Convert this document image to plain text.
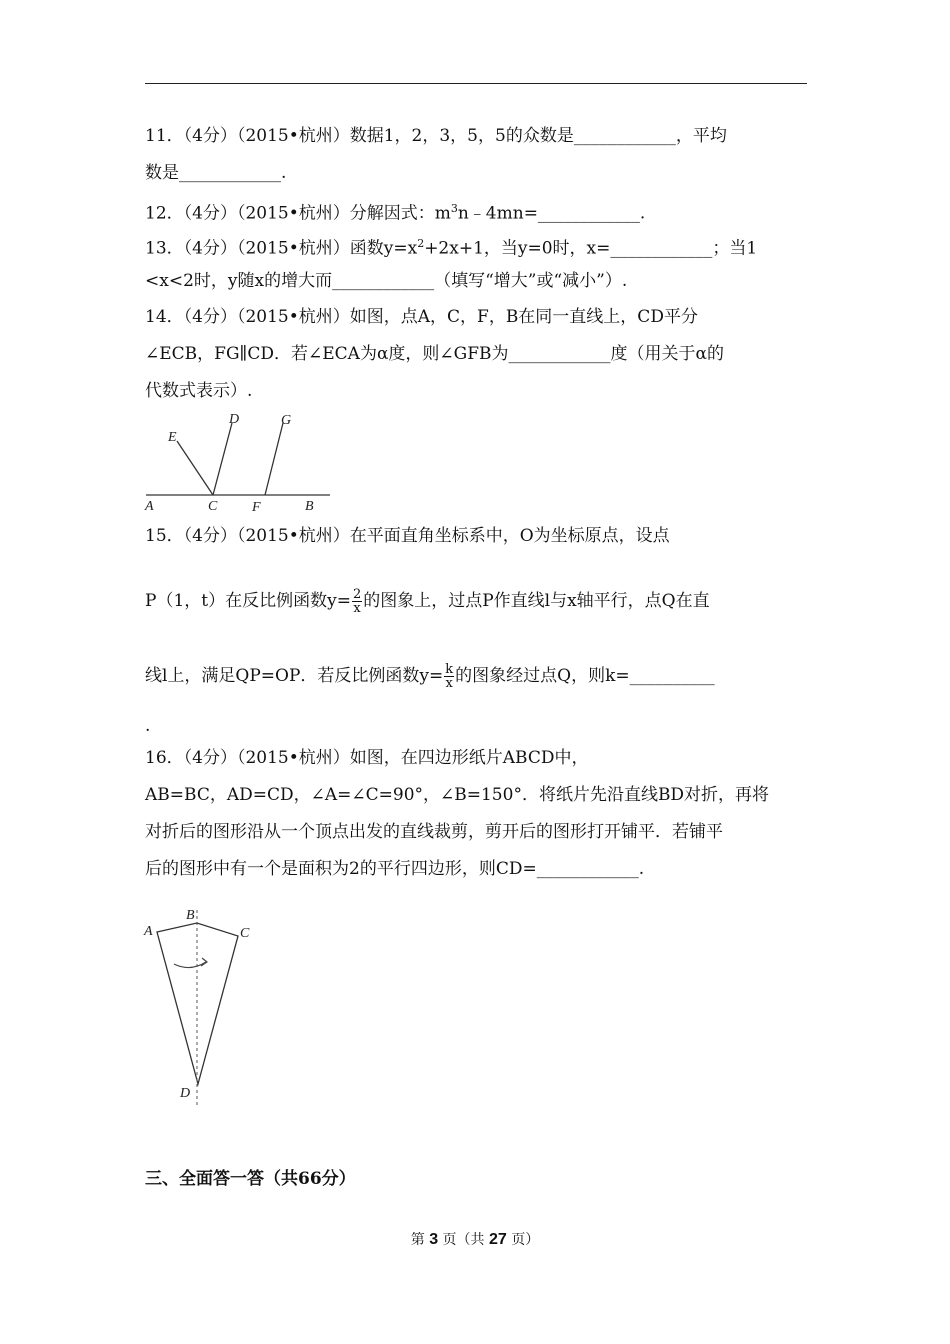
11．（4分）（2015•杭州）数据1，2，3，5，5的众数是____________，平均
数是____________.
12．（4分）（2015•杭州）分解因式：$m^3n﹣4mn=\_\_\_\_\_\_\_\_\_\_\_\_$.
13．（4分）（2015•杭州）函数$y=x^2+2x+1$，当y=0时，x=____________；当1
<x<2时，y随x的增大而____________（填写“增大”或“减小”）.
14．（4分）（2015•杭州）如图，点A，C，F，B在同一直线上，CD平分
∠ECB，FG∥CD．若∠ECA为α度，则∠GFB为____________度（用关于α的
代数式表示）.
E
D	G
A	C F	B
15．（4分）（2015•杭州）在平面直角坐标系中，O为坐标原点，设点
P（1，t）在反比例函数$y= \frac{2}{x}$ 的图象上，过点P作直线l与x轴平行，点Q在直
线l上，满足QP=OP．若反比例函数$y= \frac{k}{x}$ 的图象经过点Q，则k=__________
.
16．（4分）（2015•杭州）如图，在四边形纸片ABCD中，
AB=BC，AD=CD，∠A=∠C=90°，∠B=150°．将纸片先沿直线BD对折，再将
对折后的图形沿从一个顶点出发的直线裁剪，剪开后的图形打开铺平．若铺平
后的图形中有一个是面积为2的平行四边形，则CD=____________.
A
B
C
D
三、全面答一答（共66分）
第 3 页（共 27 页）
